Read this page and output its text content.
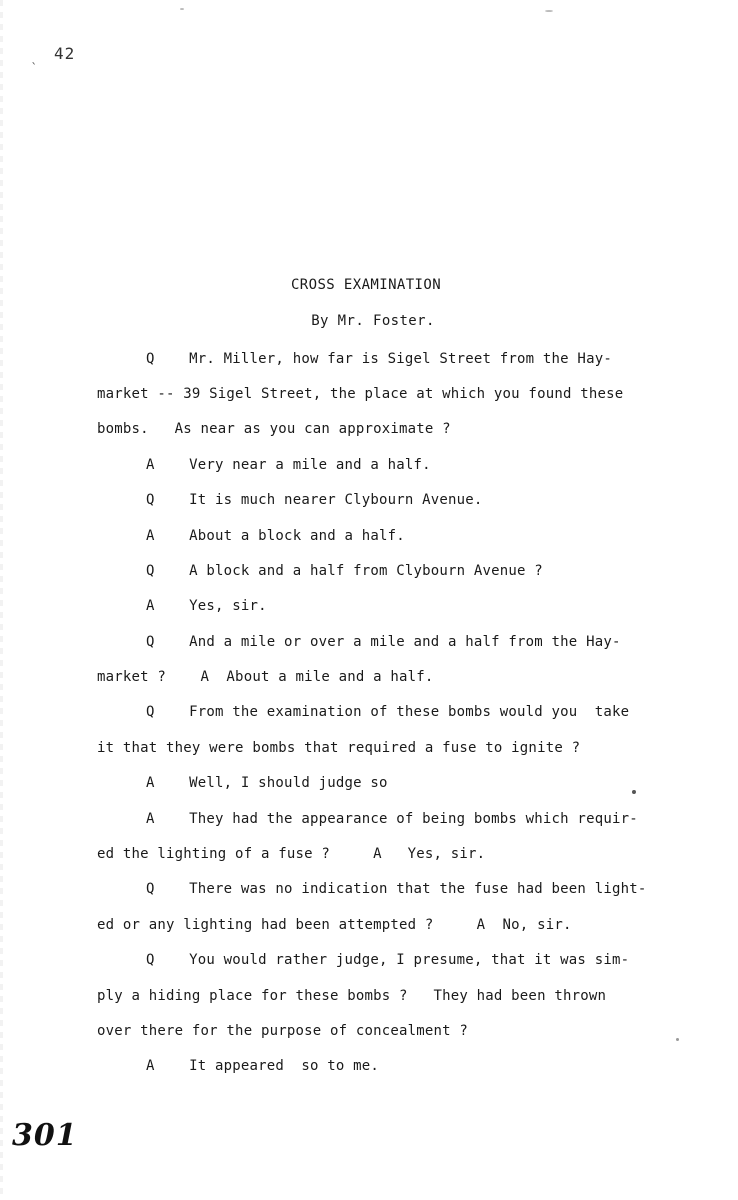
ˎ 42
CROSS EXAMINATION
By Mr. Foster.
Q    Mr. Miller, how far is Sigel Street from the Hay-
market -- 39 Sigel Street, the place at which you found these
bombs.   As near as you can approximate ?
A    Very near a mile and a half.
Q    It is much nearer Clybourn Avenue.
A    About a block and a half.
Q    A block and a half from Clybourn Avenue ?
A    Yes, sir.
Q    And a mile or over a mile and a half from the Hay-
market ?    A  About a mile and a half.
Q    From the examination of these bombs would you  take
it that they were bombs that required a fuse to ignite ?
A    Well, I should judge so
A    They had the appearance of being bombs which requir-
ed the lighting of a fuse ?     A   Yes, sir.
Q    There was no indication that the fuse had been light-
ed or any lighting had been attempted ?     A  No, sir.
Q    You would rather judge, I presume, that it was sim-
ply a hiding place for these bombs ?   They had been thrown
over there for the purpose of concealment ?
A    It appeared  so to me.
301
